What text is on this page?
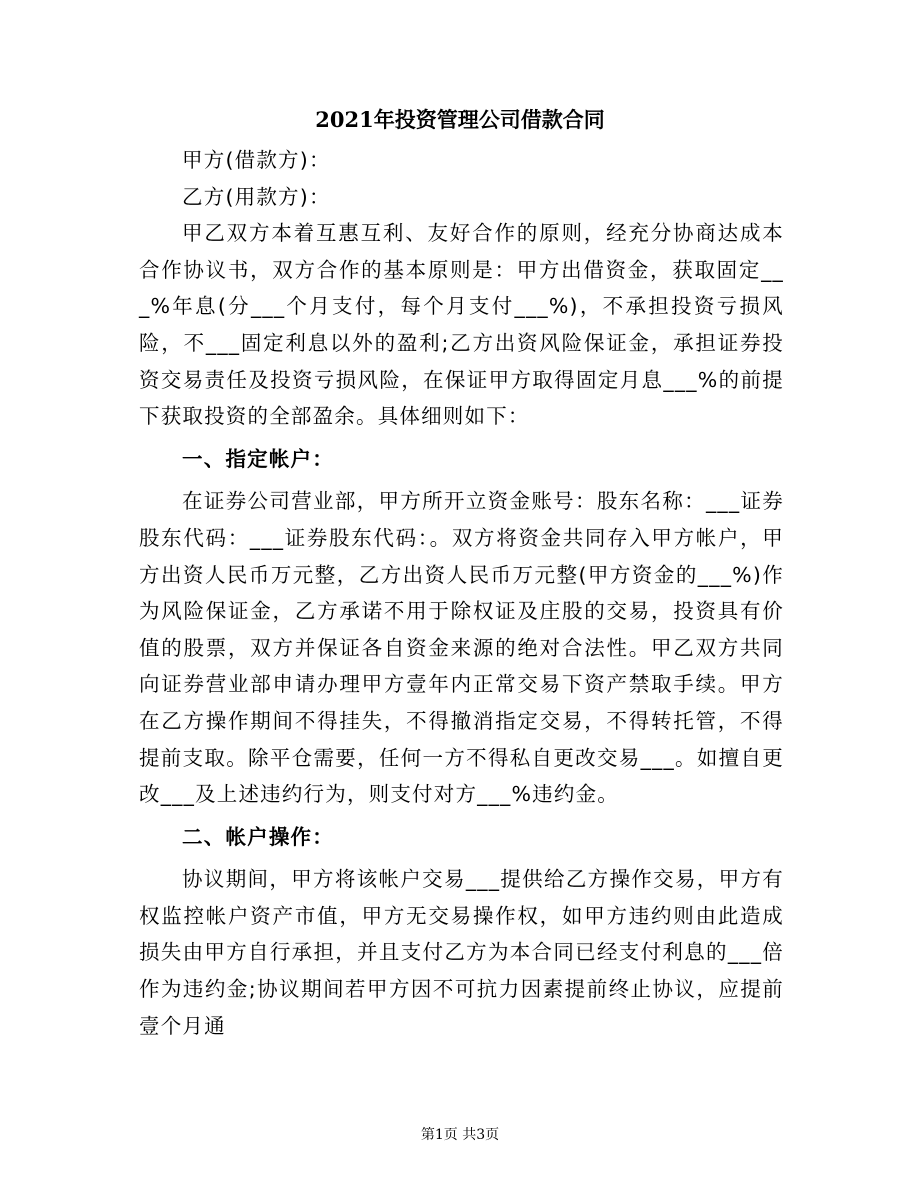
2021年投资管理公司借款合同

甲方(借款方)：

乙方(用款方)：

甲乙双方本着互惠互利、友好合作的原则，经充分协商达成本合作协议书，双方合作的基本原则是：甲方出借资金，获取固定___%年息(分___个月支付，每个月支付___%)，不承担投资亏损风险，不___固定利息以外的盈利;乙方出资风险保证金，承担证券投资交易责任及投资亏损风险，在保证甲方取得固定月息___%的前提下获取投资的全部盈余。具体细则如下：

一、指定帐户：

在证券公司营业部，甲方所开立资金账号：股东名称：___证券股东代码：___证券股东代码：。双方将资金共同存入甲方帐户，甲方出资人民币万元整，乙方出资人民币万元整(甲方资金的___%)作为风险保证金，乙方承诺不用于除权证及庄股的交易，投资具有价值的股票，双方并保证各自资金来源的绝对合法性。甲乙双方共同向证券营业部申请办理甲方壹年内正常交易下资产禁取手续。甲方在乙方操作期间不得挂失，不得撤消指定交易，不得转托管，不得提前支取。除平仓需要，任何一方不得私自更改交易___。如擅自更改___及上述违约行为，则支付对方___%违约金。

二、帐户操作：

协议期间，甲方将该帐户交易___提供给乙方操作交易，甲方有权监控帐户资产市值，甲方无交易操作权，如甲方违约则由此造成损失由甲方自行承担，并且支付乙方为本合同已经支付利息的___倍作为违约金;协议期间若甲方因不可抗力因素提前终止协议，应提前壹个月通

第1页 共3页
